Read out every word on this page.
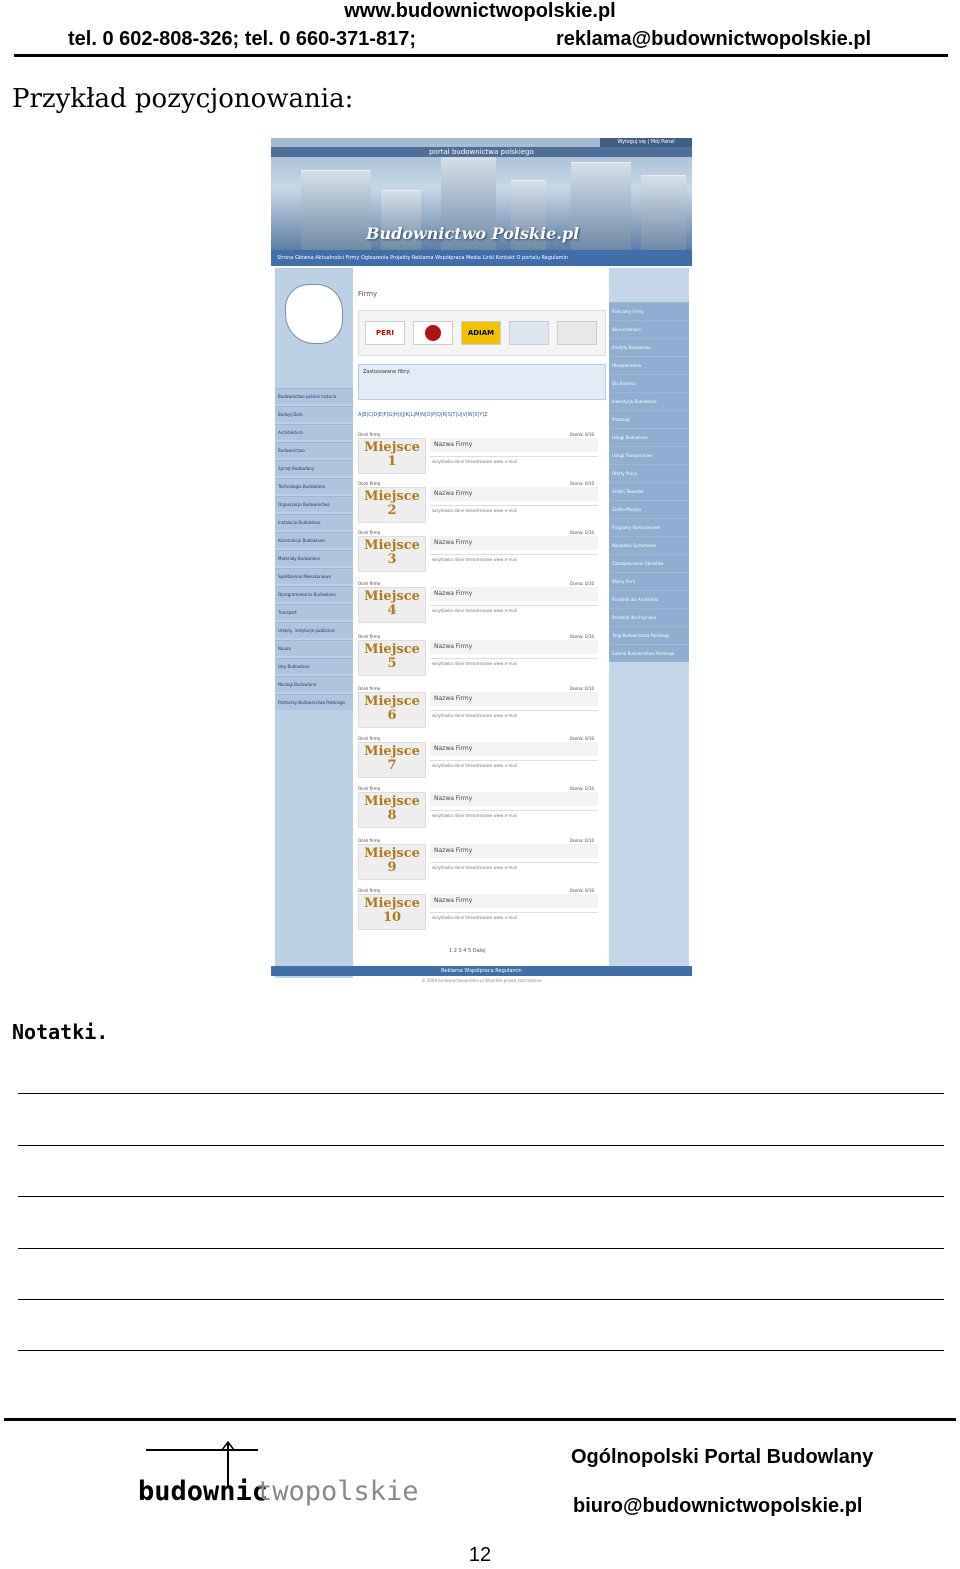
www.budownictwopolskie.pl
tel. 0 602-808-326; tel. 0 660-371-817;	reklama@budownictwopolskie.pl
Przykład pozycjonowania:
portal budownictwa polskiego
Wyloguj się | Mój Panel
Budownictwo Polskie.pl
Strona Główna Aktualności Firmy Ogłoszenia Projekty Reklama Współpraca Media Linki Kontakt O portalu Regulamin
Budownictwo polskie historia
Buduję Dom
Architektura
Budownictwo
Sprzęt Budowlany
Technologia Budowlana
Organizacja Budownictwa
Instalacje Budowlane
Konstrukcje Budowlane
Materiały Budowlane
Spółdzielnie Mieszkaniowe
Oprogramowanie Budowlane
Transport
Urzędy, instytucje publiczne
Nauka
Izby Budowlane
Noclegi Budowlane
Partnerzy Budownictwa Polskiego
Firmy
PERI	ADIAM
Zastosowane filtry:
A|B|C|D|E|F|G|H|I|J|K|L|M|N|O|P|Q|R|S|T|U|V|W|X|Y|Z
Oceń firmę	Ocena: 0/10
Miejsce
1
Nazwa Firmy
wizytówka dane teleadresowe www e-mail
Oceń firmę	Ocena: 0/10
Miejsce
2
Nazwa Firmy
wizytówka dane teleadresowe www e-mail
Oceń firmę	Ocena: 0/10
Miejsce
3
Nazwa Firmy
wizytówka dane teleadresowe www e-mail
Oceń firmę	Ocena: 0/10
Miejsce
4
Nazwa Firmy
wizytówka dane teleadresowe www e-mail
Oceń firmę	Ocena: 0/10
Miejsce
5
Nazwa Firmy
wizytówka dane teleadresowe www e-mail
Oceń firmę	Ocena: 0/10
Miejsce
6
Nazwa Firmy
wizytówka dane teleadresowe www e-mail
Oceń firmę	Ocena: 0/10
Miejsce
7
Nazwa Firmy
wizytówka dane teleadresowe www e-mail
Oceń firmę	Ocena: 0/10
Miejsce
8
Nazwa Firmy
wizytówka dane teleadresowe www e-mail
Oceń firmę	Ocena: 0/10
Miejsce
9
Nazwa Firmy
wizytówka dane teleadresowe www e-mail
Oceń firmę	Ocena: 0/10
Miejsce
10
Nazwa Firmy
wizytówka dane teleadresowe www e-mail
Polecamy Firmy
Nieruchomości
Kredyty Budowlane
Ubezpieczenia
Dla Biznesu
Inwestycje Budowlane
Przetargi
Usługi Budowlane
Usługi Transportowe
Oferty Pracy
Giełda Towarów
Giełda Maszyn
Programy Komputerowe
Narzędzia Systemowe
Zabezpieczenia Obiektów
Wzory Pism
Poradnik dla Architekta
Poradnik dla Inżyniera
Targi Budownictwa Polskiego
Galeria Budownictwa Polskiego
1 2 3 4 5 Dalej
Reklama Współpraca Regulamin
© 2009 budownictwopolskie.pl Wszelkie prawa zastrzeżone
Notatki.
budownic
twopolskie
Ogólnopolski Portal Budowlany
biuro@budownictwopolskie.pl
12
